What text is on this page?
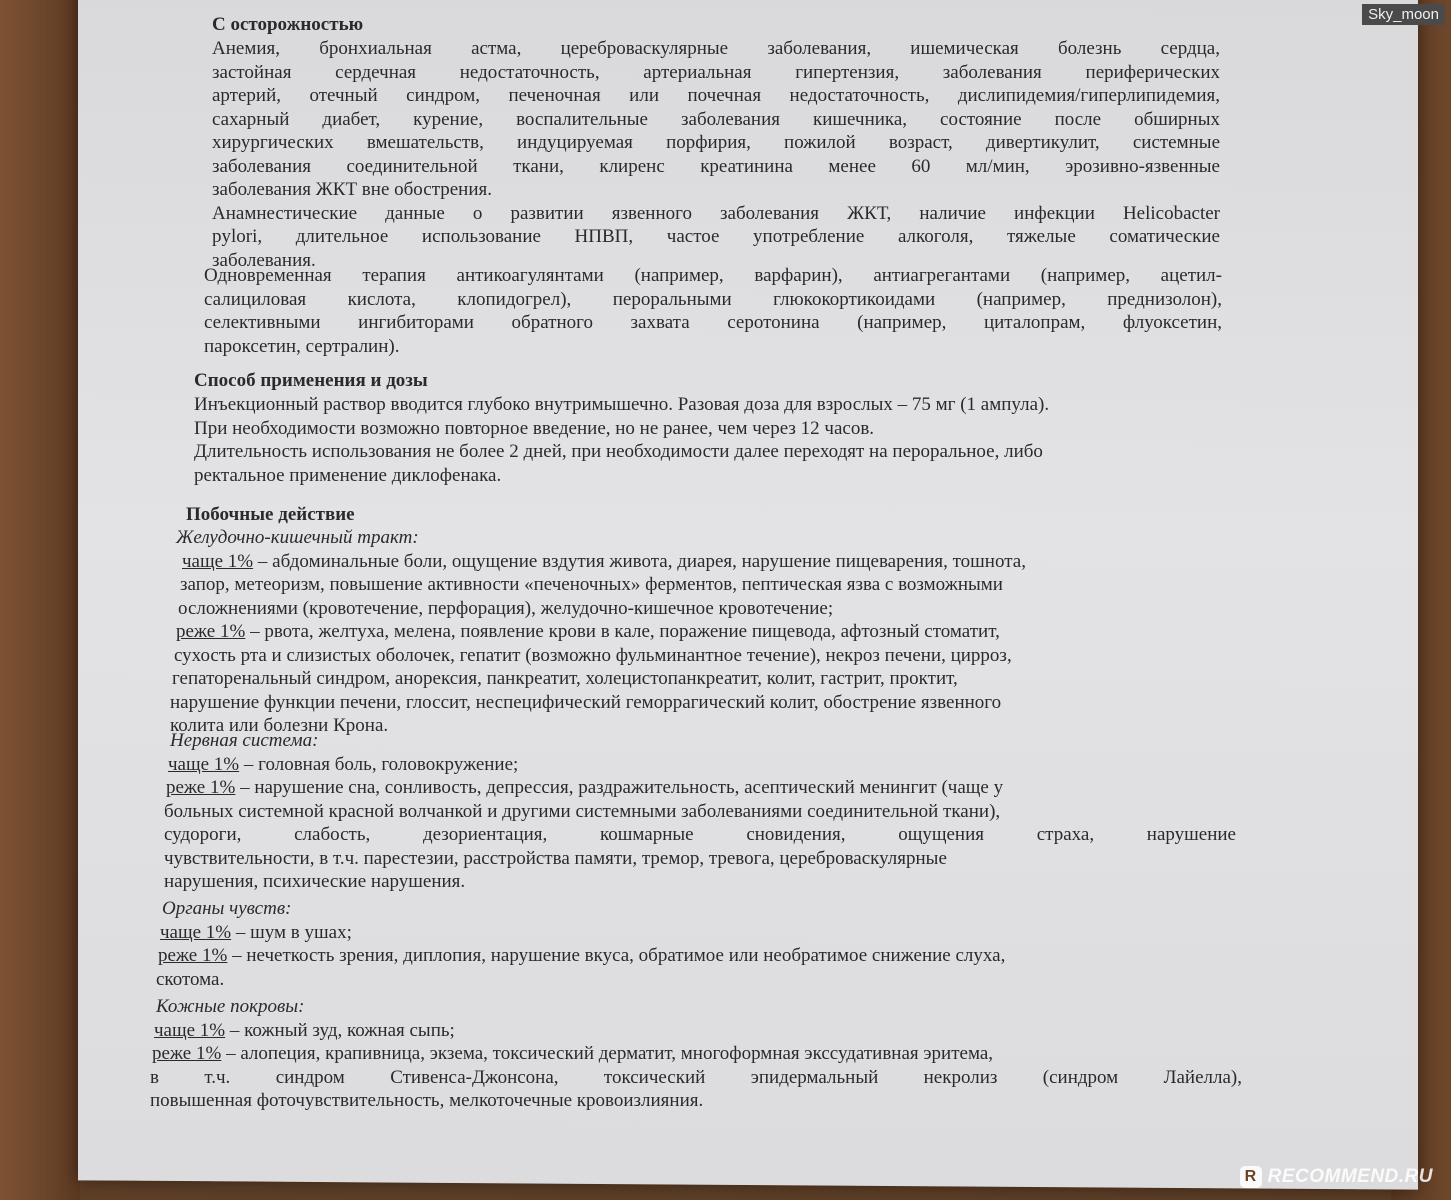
С осторожностью
Анемия, бронхиальная астма, цереброваскулярные заболевания, ишемическая болезнь сердца,
застойная сердечная недостаточность, артериальная гипертензия, заболевания периферических
артерий, отечный синдром, печеночная или почечная недостаточность, дислипидемия/гиперлипидемия,
сахарный диабет, курение, воспалительные заболевания кишечника, состояние после обширных
хирургических вмешательств, индуцируемая порфирия, пожилой возраст, дивертикулит, системные
заболевания соединительной ткани, клиренс креатинина менее 60 мл/мин, эрозивно-язвенные
заболевания ЖКТ вне обострения.
Анамнестические данные о развитии язвенного заболевания ЖКТ, наличие инфекции Helicobacter
pylori, длительное использование НПВП, частое употребление алкоголя, тяжелые соматические
заболевания.
Одновременная терапия антикоагулянтами (например, варфарин), антиагрегантами (например, ацетил-
салициловая кислота, клопидогрел), пероральными глюкокортикоидами (например, преднизолон),
селективными ингибиторами обратного захвата серотонина (например, циталопрам, флуоксетин,
пароксетин, сертралин).
Способ применения и дозы
Инъекционный раствор вводится глубоко внутримышечно. Разовая доза для взрослых – 75 мг (1 ампула).
При необходимости возможно повторное введение, но не ранее, чем через 12 часов.
Длительность использования не более 2 дней, при необходимости далее переходят на пероральное, либо
ректальное применение диклофенака.
Побочные действие
Желудочно-кишечный тракт:
чаще 1% – абдоминальные боли, ощущение вздутия живота, диарея, нарушение пищеварения, тошнота,
запор, метеоризм, повышение активности «печеночных» ферментов, пептическая язва с возможными
осложнениями (кровотечение, перфорация), желудочно-кишечное кровотечение;
реже 1% – рвота, желтуха, мелена, появление крови в кале, поражение пищевода, афтозный стоматит,
сухость рта и слизистых оболочек, гепатит (возможно фульминантное течение), некроз печени, цирроз,
гепаторенальный синдром, анорексия, панкреатит, холецистопанкреатит, колит, гастрит, проктит,
нарушение функции печени, глоссит, неспецифический геморрагический колит, обострение язвенного
колита или болезни Крона.
Нервная система:
чаще 1% – головная боль, головокружение;
реже 1% – нарушение сна, сонливость, депрессия, раздражительность, асептический менингит (чаще у
больных системной красной волчанкой и другими системными заболеваниями соединительной ткани),
судороги, слабость, дезориентация, кошмарные сновидения, ощущения страха, нарушение
чувствительности, в т.ч. парестезии, расстройства памяти, тремор, тревога, цереброваскулярные
нарушения, психические нарушения.
Органы чувств:
чаще 1% – шум в ушах;
реже 1% – нечеткость зрения, диплопия, нарушение вкуса, обратимое или необратимое снижение слуха,
скотома.
Кожные покровы:
чаще 1% – кожный зуд, кожная сыпь;
реже 1% – алопеция, крапивница, экзема, токсический дерматит, многоформная экссудативная эритема,
в т.ч. синдром Стивенса-Джонсона, токсический эпидермальный некролиз (синдром Лайелла),
повышенная фоточувствительность, мелкоточечные кровоизлияния.
Sky_moon
R RECOMMEND.RU
